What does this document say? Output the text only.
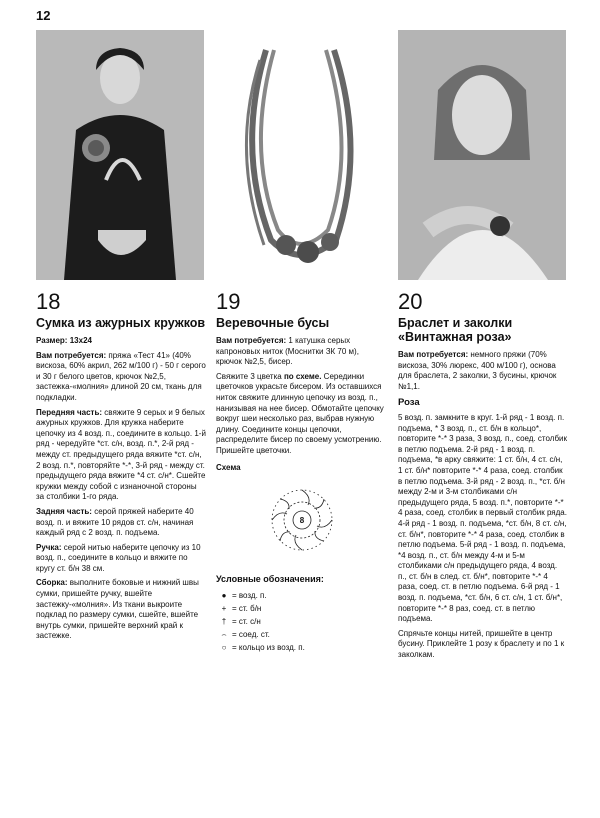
12
18
Сумка из ажурных кружков

Размер: 13x24

Вам потребуется: пряжа «Тест 41» (40% вискоза, 60% акрил, 262 м/100 г) - 50 г серого и 30 г белого цветов, крючок №2,5, застежка-«молния» длиной 20 см, ткань для подкладки.

Передняя часть: свяжите 9 серых и 9 белых ажурных кружков. Для кружка наберите цепочку из 4 возд. п., соедините в кольцо. 1-й ряд - чередуйте *ст. с/н, возд. п.*, 2-й ряд - между ст. предыдущего ряда вяжите *ст. с/н, 2 возд. п.*, повторяйте *-*, 3-й ряд - между ст. предыдущего ряда вяжите *4 ст. с/н*. Сшейте кружки между собой с изнаночной стороны за столбики 1-го ряда.

Задняя часть: серой пряжей наберите 40 возд. п. и вяжите 10 рядов ст. с/н, начиная каждый ряд с 2 возд. п. подъема.

Ручка: серой нитью наберите цепочку из 10 возд. п., соедините в кольцо и вяжите по кругу ст. б/н 38 см.

Сборка: выполните боковые и нижний швы сумки, пришейте ручку, вшейте застежку-«молния». Из ткани выкроите подклад по размеру сумки, сшейте, вшейте внутрь сумки, пришейте верхний край к застежке.

19
Веревочные бусы

Вам потребуется: 1 катушка серых капроновых ниток (Моснитки ЗК 70 м), крючок №2,5, бисер.

Свяжите 3 цветка по схеме. Серединки цветочков украсьте бисером. Из оставшихся ниток свяжите длинную цепочку из возд. п., нанизывая на нее бисер. Обмотайте цепочку вокруг шеи несколько раз, выбрав нужную длину. Соедините концы цепочки, распределите бисер по своему усмотрению. Пришейте цветочки.

Схема
8
Условные обозначения:
● = возд. п.
+ = ст. б/н
† = ст. с/н
⌢ = соед. ст.
○ = кольцо из возд. п.
20
Браслет и заколки «Винтажная роза»

Вам потребуется: немного пряжи (70% вискоза, 30% люрекс, 400 м/100 г), основа для браслета, 2 заколки, 3 бусины, крючок №1,1.

Роза

5 возд. п. замкните в круг. 1-й ряд - 1 возд. п. подъема, * 3 возд. п., ст. б/н в кольцо*, повторите *-* 3 раза, 3 возд. п., соед. столбик в петлю подъема. 2-й ряд - 1 возд. п. подъема, *в арку свяжите: 1 ст. б/н, 4 ст. с/н, 1 ст. б/н* повторите *-* 4 раза, соед. столбик в петлю подъема. 3-й ряд - 2 возд. п., *ст. б/н между 2-м и 3-м столбиками с/н предыдущего ряда, 5 возд. п.*, повторите *-* 4 раза, соед. столбик в первый столбик ряда. 4-й ряд - 1 возд. п. подъема, *ст. б/н, 8 ст. с/н, ст. б/н*, повторите *-* 4 раза, соед. столбик в петлю подъема. 5-й ряд - 1 возд. п. подъема, *4 возд. п., ст. б/н между 4-м и 5-м столбиками с/н предыдущего ряда, 4 возд. п., ст. б/н в след. ст. б/н*, повторите *-* 4 раза, соед. ст. в петлю подъема. 6-й ряд - 1 возд. п. подъема, *ст. б/н, 6 ст. с/н, 1 ст. б/н*, повторите *-* 8 раз, соед. ст. в петлю подъема.

Спрячьте концы нитей, пришейте в центр бусину. Приклейте 1 розу к браслету и по 1 к заколкам.
